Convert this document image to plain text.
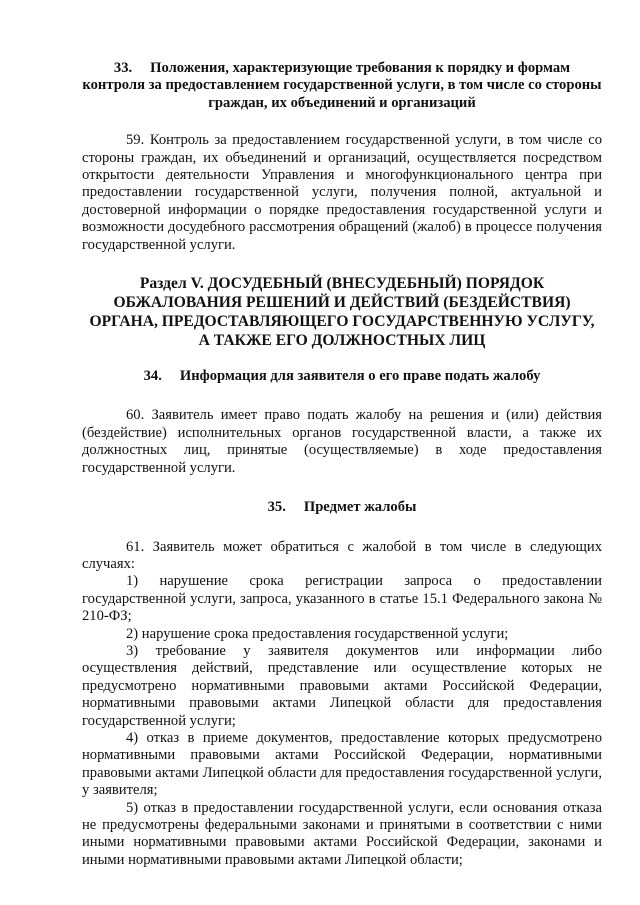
33. Положения, характеризующие требования к порядку и формам контроля за предоставлением государственной услуги, в том числе со стороны граждан, их объединений и организаций

59. Контроль за предоставлением государственной услуги, в том числе со стороны граждан, их объединений и организаций, осуществляется посредством открытости деятельности Управления и многофункционального центра при предоставлении государственной услуги, получения полной, актуальной и достоверной информации о порядке предоставления государственной услуги и возможности досудебного рассмотрения обращений (жалоб) в процессе получения государственной услуги.

Раздел V. ДОСУДЕБНЫЙ (ВНЕСУДЕБНЫЙ) ПОРЯДОК ОБЖАЛОВАНИЯ РЕШЕНИЙ И ДЕЙСТВИЙ (БЕЗДЕЙСТВИЯ) ОРГАНА, ПРЕДОСТАВЛЯЮЩЕГО ГОСУДАРСТВЕННУЮ УСЛУГУ, А ТАКЖЕ ЕГО ДОЛЖНОСТНЫХ ЛИЦ
34. Информация для заявителя о его праве подать жалобу

60. Заявитель имеет право подать жалобу на решения и (или) действия (бездействие) исполнительных органов государственной власти, а также их должностных лиц, принятые (осуществляемые) в ходе предоставления государственной услуги.

35. Предмет жалобы

61. Заявитель может обратиться с жалобой в том числе в следующих случаях:

1) нарушение срока регистрации запроса о предоставлении государственной услуги, запроса, указанного в статье 15.1 Федерального закона № 210-ФЗ;

2) нарушение срока предоставления государственной услуги;

3) требование у заявителя документов или информации либо осуществления действий, представление или осуществление которых не предусмотрено нормативными правовыми актами Российской Федерации, нормативными правовыми актами Липецкой области для предоставления государственной услуги;

4) отказ в приеме документов, предоставление которых предусмотрено нормативными правовыми актами Российской Федерации, нормативными правовыми актами Липецкой области для предоставления государственной услуги, у заявителя;

5) отказ в предоставлении государственной услуги, если основания отказа не предусмотрены федеральными законами и принятыми в соответствии с ними иными нормативными правовыми актами Российской Федерации, законами и иными нормативными правовыми актами Липецкой области;
